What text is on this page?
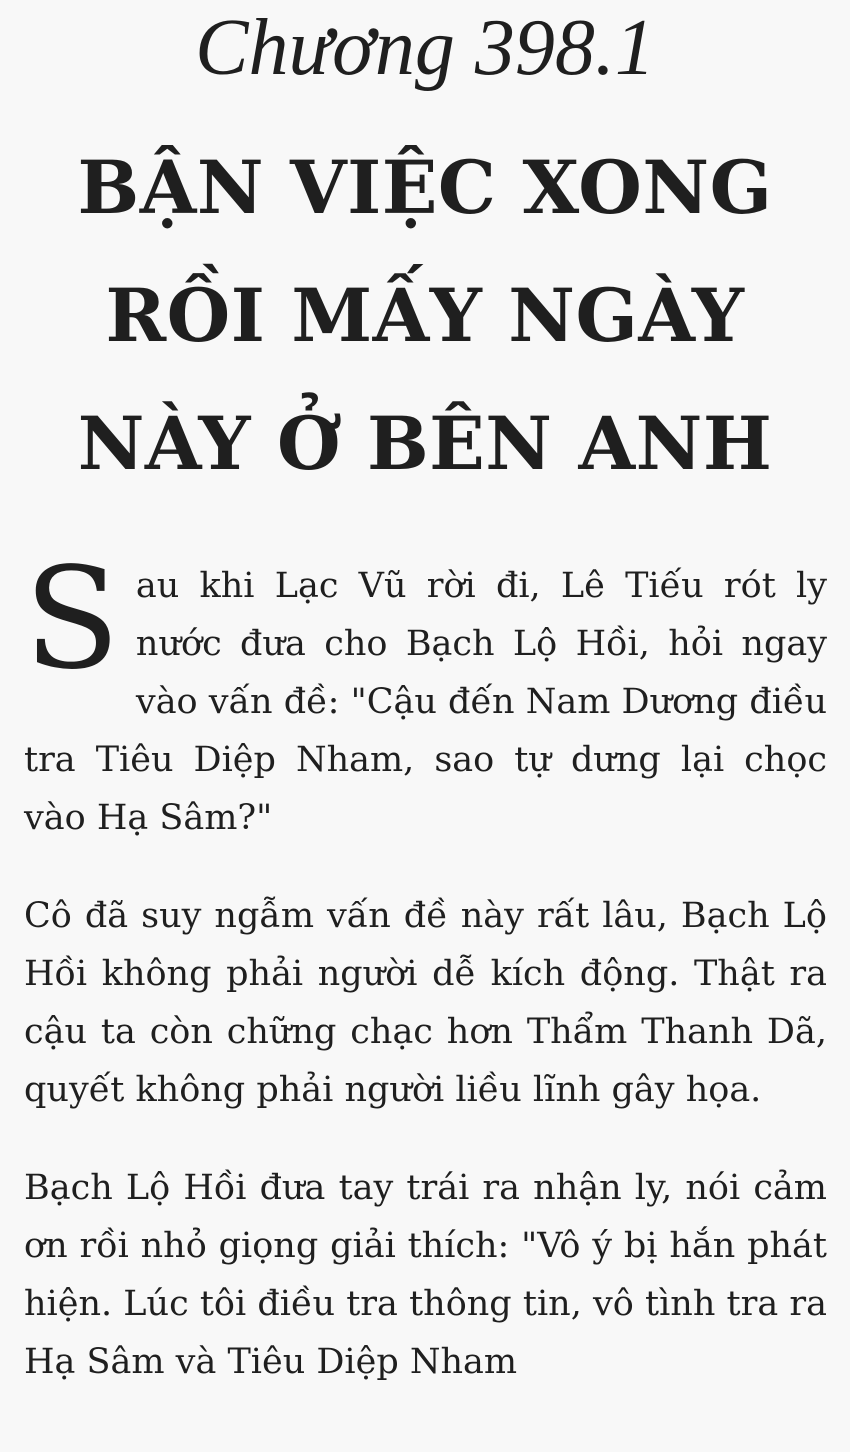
Chương 398.1
BẬN VIỆC XONG
RỒI MẤY NGÀY
NÀY Ở BÊN ANH

Sau khi Lạc Vũ rời đi, Lê Tiếu rót ly nước đưa cho Bạch Lộ Hồi, hỏi ngay vào vấn đề: "Cậu đến Nam Dương điều tra Tiêu Diệp Nham, sao tự dưng lại chọc vào Hạ Sâm?"

Cô đã suy ngẫm vấn đề này rất lâu, Bạch Lộ Hồi không phải người dễ kích động. Thật ra cậu ta còn chững chạc hơn Thẩm Thanh Dã, quyết không phải người liều lĩnh gây họa.

Bạch Lộ Hồi đưa tay trái ra nhận ly, nói cảm ơn rồi nhỏ giọng giải thích: "Vô ý bị hắn phát hiện. Lúc tôi điều tra thông tin, vô tình tra ra Hạ Sâm và Tiêu Diệp Nham
